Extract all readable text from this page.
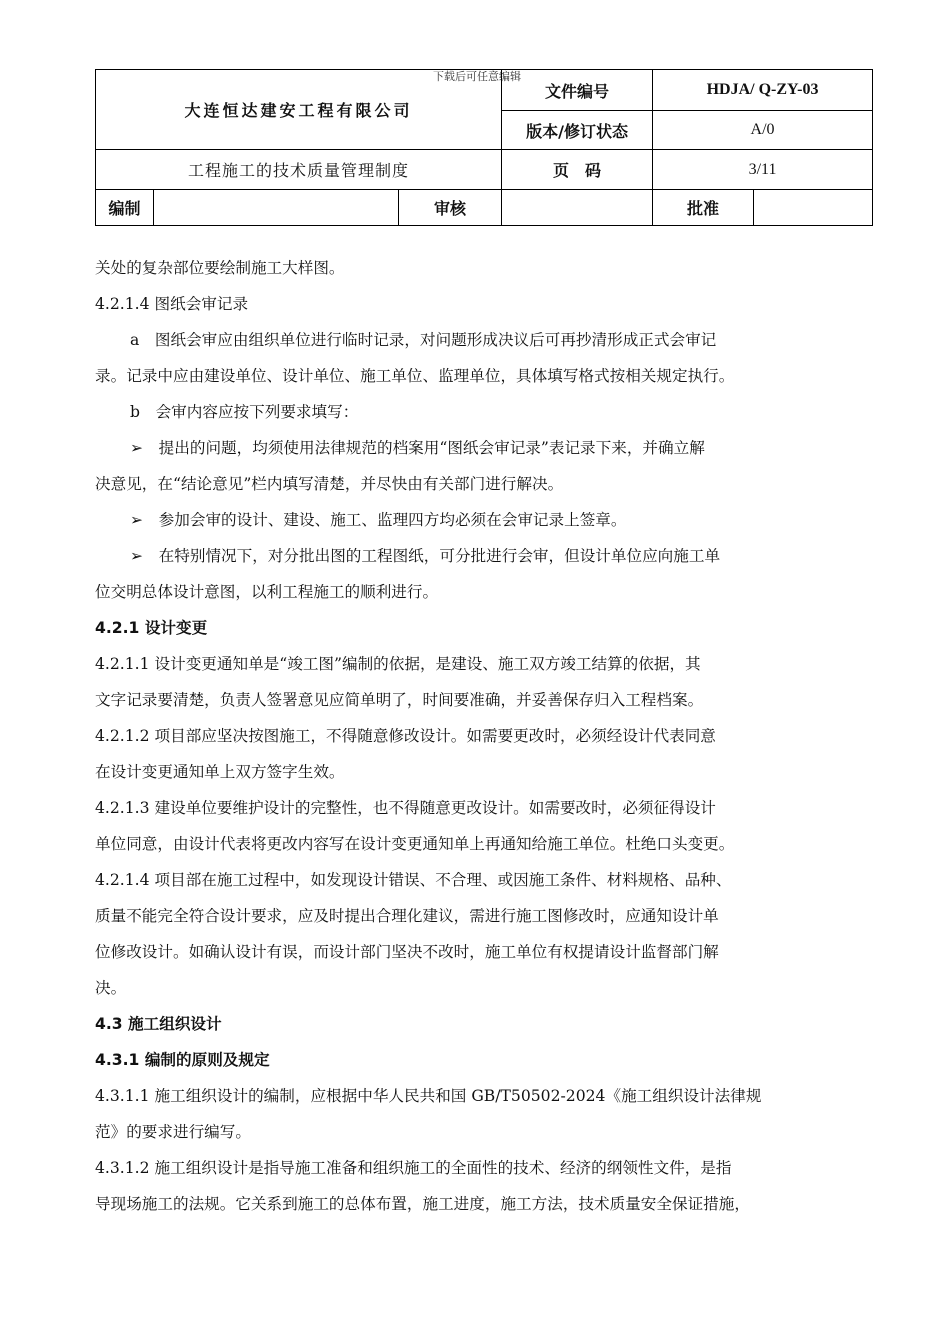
下载后可任意编辑
大连恒达建安工程有限公司			文件编号	HDJA/ Q-ZY-03	
			版本/修订状态	A/0	
工程施工的技术质量管理制度			页　码	3/11	
编制		审核		批准	
关处的复杂部位要绘制施工大样图。
4.2.1.4 图纸会审记录
a　图纸会审应由组织单位进行临时记录，对问题形成决议后可再抄清形成正式会审记
录。记录中应由建设单位、设计单位、施工单位、监理单位，具体填写格式按相关规定执行。
b　会审内容应按下列要求填写：
➢　提出的问题，均须使用法律规范的档案用“图纸会审记录”表记录下来，并确立解
决意见，在“结论意见”栏内填写清楚，并尽快由有关部门进行解决。
➢　参加会审的设计、建设、施工、监理四方均必须在会审记录上签章。
➢　在特别情况下，对分批出图的工程图纸，可分批进行会审，但设计单位应向施工单
位交明总体设计意图，以利工程施工的顺利进行。
4.2.1 设计变更
4.2.1.1 设计变更通知单是“竣工图”编制的依据，是建设、施工双方竣工结算的依据，其
文字记录要清楚，负责人签署意见应简单明了，时间要准确，并妥善保存归入工程档案。
4.2.1.2 项目部应坚决按图施工，不得随意修改设计。如需要更改时，必须经设计代表同意
在设计变更通知单上双方签字生效。
4.2.1.3 建设单位要维护设计的完整性，也不得随意更改设计。如需要改时，必须征得设计
单位同意，由设计代表将更改内容写在设计变更通知单上再通知给施工单位。杜绝口头变更。
4.2.1.4 项目部在施工过程中，如发现设计错误、不合理、或因施工条件、材料规格、品种、
质量不能完全符合设计要求，应及时提出合理化建议，需进行施工图修改时，应通知设计单
位修改设计。如确认设计有误，而设计部门坚决不改时，施工单位有权提请设计监督部门解
决。
4.3 施工组织设计
4.3.1 编制的原则及规定
4.3.1.1 施工组织设计的编制，应根据中华人民共和国 GB/T50502-2024《施工组织设计法律规
范》的要求进行编写。
4.3.1.2 施工组织设计是指导施工准备和组织施工的全面性的技术、经济的纲领性文件，是指
导现场施工的法规。它关系到施工的总体布置，施工进度，施工方法，技术质量安全保证措施，
